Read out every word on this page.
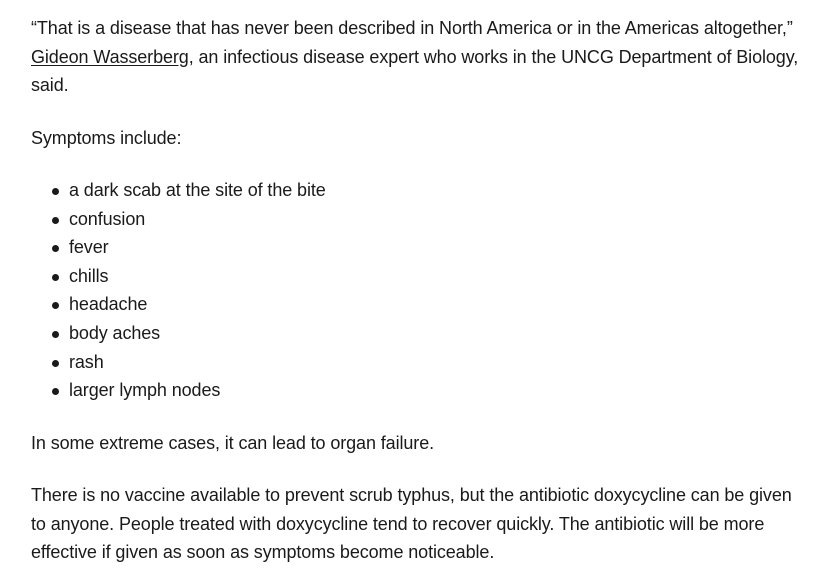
“That is a disease that has never been described in North America or in the Americas altogether,” Gideon Wasserberg, an infectious disease expert who works in the UNCG Department of Biology, said.

Symptoms include:

a dark scab at the site of the bite
confusion
fever
chills
headache
body aches
rash
larger lymph nodes

In some extreme cases, it can lead to organ failure.

There is no vaccine available to prevent scrub typhus, but the antibiotic doxycycline can be given to anyone. People treated with doxycycline tend to recover quickly. The antibiotic will be more effective if given as soon as symptoms become noticeable.
